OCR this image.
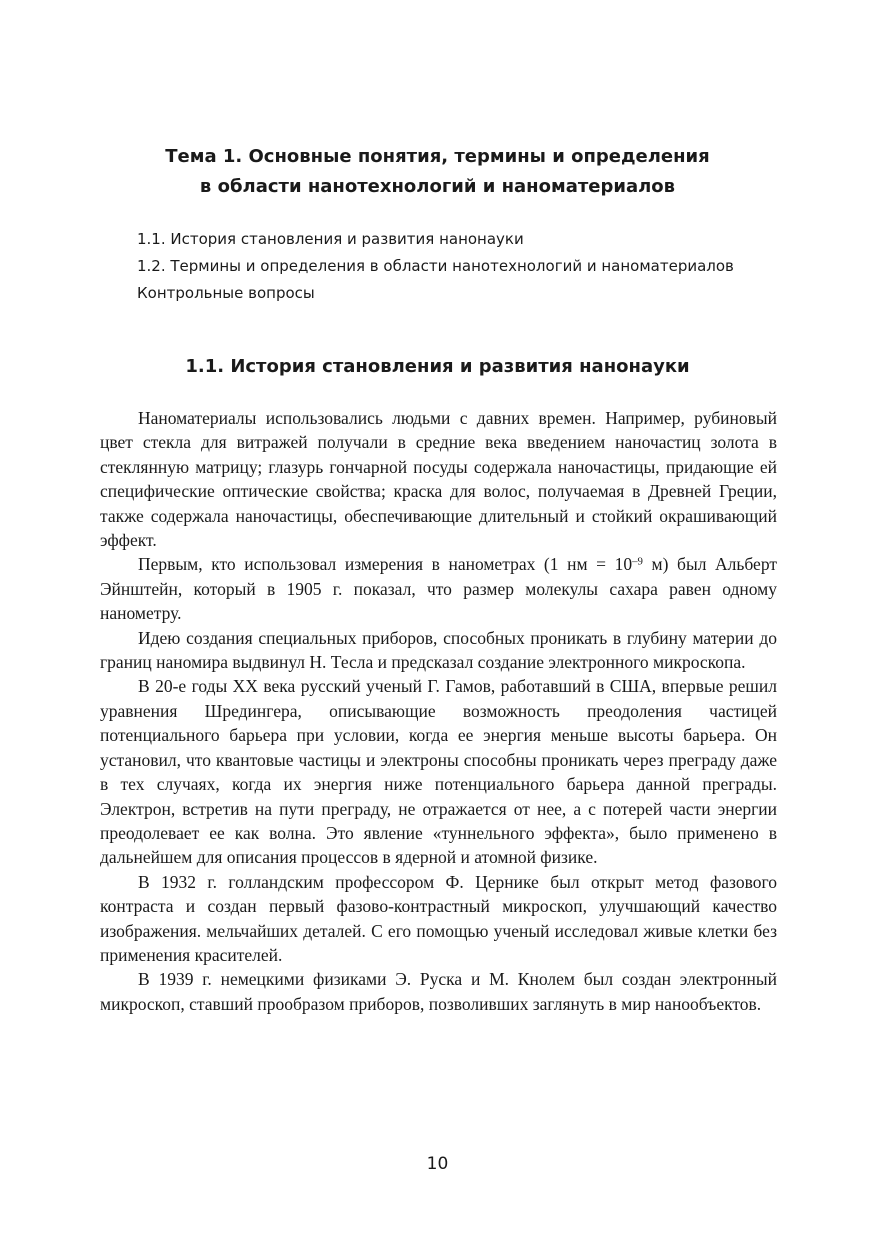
Тема 1. Основные понятия, термины и определения
в области нанотехнологий и наноматериалов
1.1. История становления и развития нанонауки
1.2. Термины и определения в области нанотехнологий и наноматериалов
Контрольные вопросы
1.1. История становления и развития нанонауки

Наноматериалы использовались людьми с давних времен. Например, рубиновый цвет стекла для витражей получали в средние века введением наночастиц золота в стеклянную матрицу; глазурь гончарной посуды содержала наночастицы, придающие ей специфические оптические свойства; краска для волос, получаемая в Древней Греции, также содержала наночастицы, обеспечивающие длительный и стойкий окрашивающий эффект.

Первым, кто использовал измерения в нанометрах (1 нм = $10^{-9}$ м) был Альберт Эйнштейн, который в 1905 г. показал, что размер молекулы сахара равен одному нанометру.

Идею создания специальных приборов, способных проникать в глубину материи до границ наномира выдвинул Н. Тесла и предсказал создание электронного микроскопа.

В 20-е годы XX века русский ученый Г. Гамов, работавший в США, впервые решил уравнения Шредингера, описывающие возможность преодоления частицей потенциального барьера при условии, когда ее энергия меньше высоты барьера. Он установил, что квантовые частицы и электроны способны проникать через преграду даже в тех случаях, когда их энергия ниже потенциального барьера данной преграды. Электрон, встретив на пути преграду, не отражается от нее, а с потерей части энергии преодолевает ее как волна. Это явление «туннельного эффекта», было применено в дальнейшем для описания процессов в ядерной и атомной физике.

В 1932 г. голландским профессором Ф. Цернике был открыт метод фазового контраста и создан первый фазово-контрастный микроскоп, улучшающий качество изображения. мельчайших деталей. С его помощью ученый исследовал живые клетки без применения красителей.

В 1939 г. немецкими физиками Э. Руска и М. Кнолем был создан электронный микроскоп, ставший прообразом приборов, позволивших заглянуть в мир нанообъектов.

10
